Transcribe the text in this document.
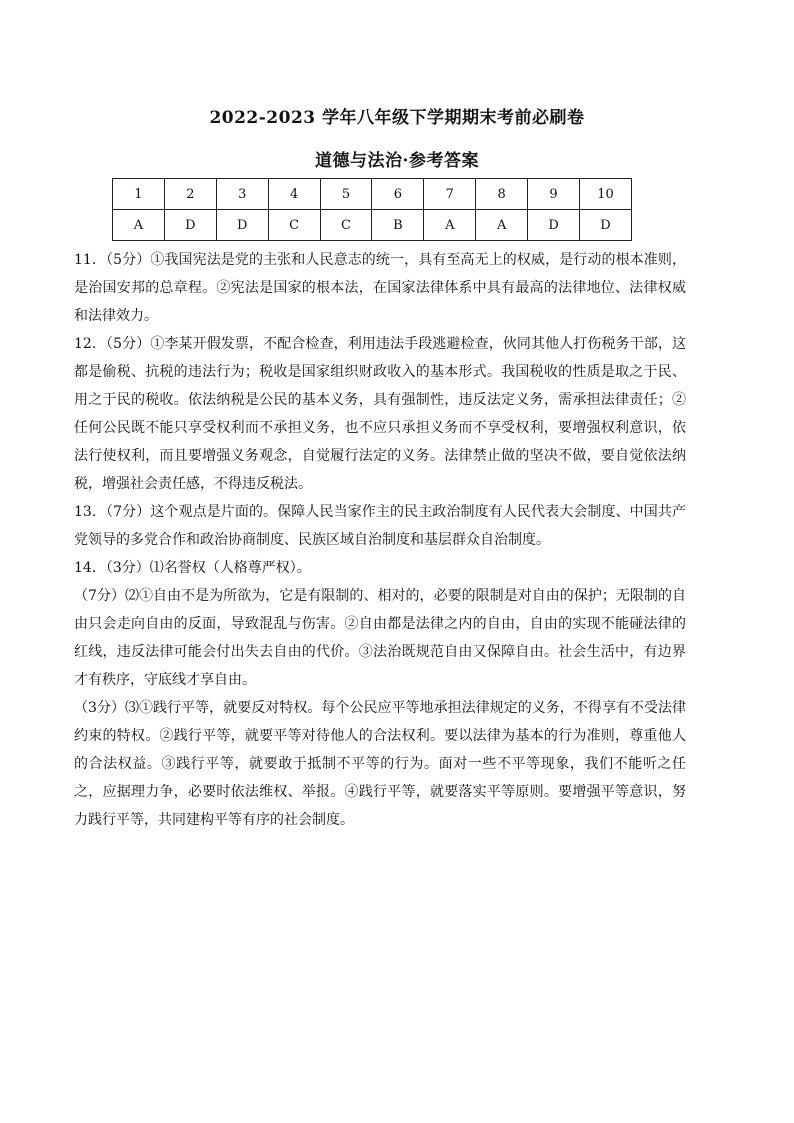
2022-2023 学年八年级下学期期末考前必刷卷
道德与法治·参考答案
1	2	3	4	5	6	7	8	9	10
A	D	D	C	C	B	A	A	D	D

11．（5分）①我国宪法是党的主张和人民意志的统一，具有至高无上的权威，是行动的根本准则，是治国安邦的总章程。②宪法是国家的根本法，在国家法律体系中具有最高的法律地位、法律权威和法律效力。

12．（5分）①李某开假发票，不配合检查，利用违法手段逃避检查，伙同其他人打伤税务干部，这都是偷税、抗税的违法行为；税收是国家组织财政收入的基本形式。我国税收的性质是取之于民、用之于民的税收。依法纳税是公民的基本义务，具有强制性，违反法定义务，需承担法律责任；②任何公民既不能只享受权利而不承担义务，也不应只承担义务而不享受权利，要增强权利意识，依法行使权利，而且要增强义务观念，自觉履行法定的义务。法律禁止做的坚决不做，要自觉依法纳税，增强社会责任感，不得违反税法。

13．（7分）这个观点是片面的。保障人民当家作主的民主政治制度有人民代表大会制度、中国共产党领导的多党合作和政治协商制度、民族区域自治制度和基层群众自治制度。

14．（3分）⑴名誉权（人格尊严权）。

（7分）⑵①自由不是为所欲为，它是有限制的、相对的，必要的限制是对自由的保护；无限制的自由只会走向自由的反面，导致混乱与伤害。②自由都是法律之内的自由，自由的实现不能碰法律的红线，违反法律可能会付出失去自由的代价。③法治既规范自由又保障自由。社会生活中，有边界才有秩序，守底线才享自由。

（3分）⑶①践行平等，就要反对特权。每个公民应平等地承担法律规定的义务，不得享有不受法律约束的特权。②践行平等，就要平等对待他人的合法权利。要以法律为基本的行为准则，尊重他人的合法权益。③践行平等，就要敢于抵制不平等的行为。面对一些不平等现象，我们不能听之任之，应据理力争，必要时依法维权、举报。④践行平等，就要落实平等原则。要增强平等意识，努力践行平等，共同建构平等有序的社会制度。
